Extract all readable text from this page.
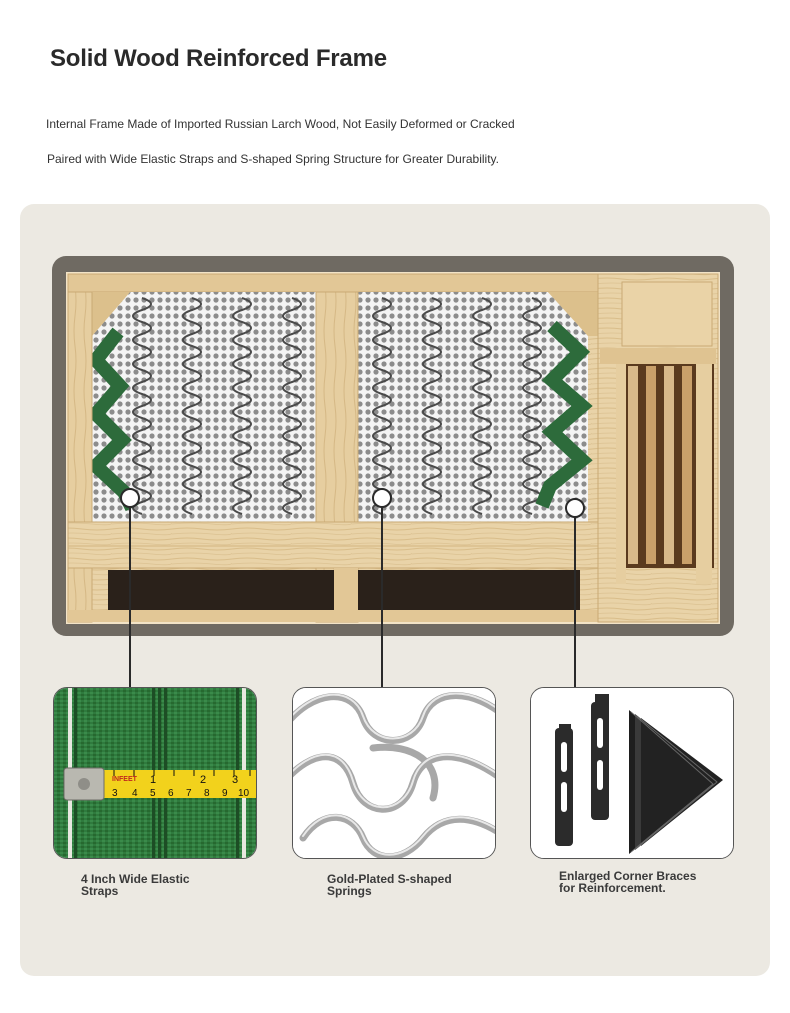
Solid Wood Reinforced Frame
Internal Frame Made of Imported Russian Larch Wood, Not Easily Deformed or Cracked
Paired with Wide Elastic Straps and S-shaped Spring Structure for Greater Durability.
INFEET 1	2 3
3 4 5 6 7 8 9 10
4 Inch Wide Elastic Straps
Gold-Plated S-shaped Springs
Enlarged Corner Braces for Reinforcement.
